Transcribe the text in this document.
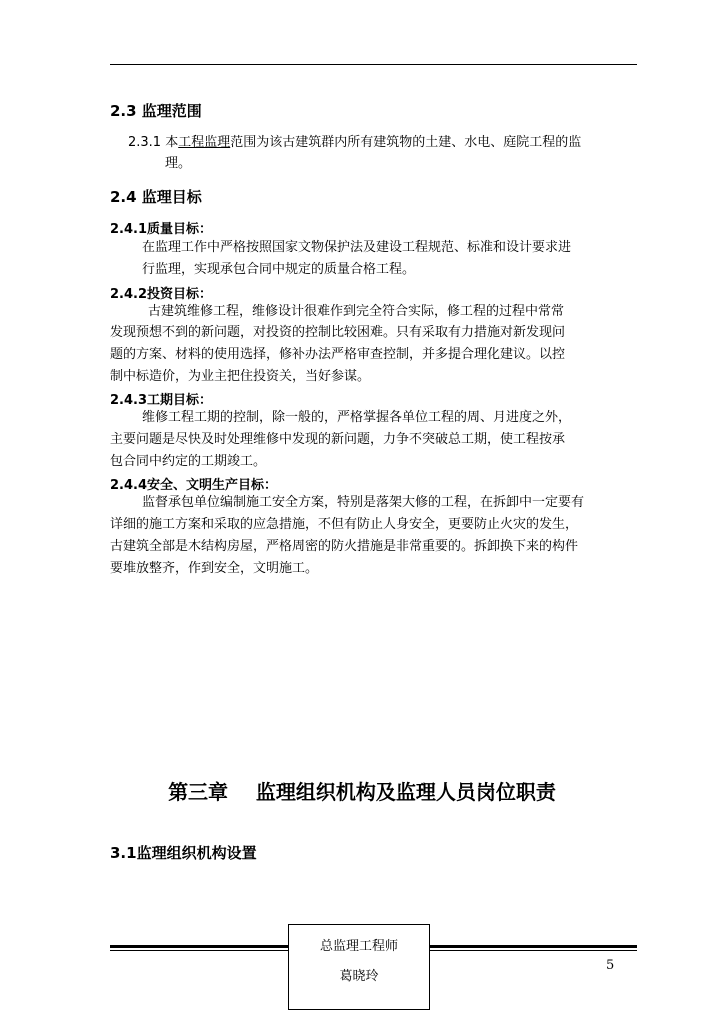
2.3 监理范围
2.3.1 本工程监理范围为该古建筑群内所有建筑物的土建、水电、庭院工程的监
理。
2.4 监理目标
2.4.1质量目标：
在监理工作中严格按照国家文物保护法及建设工程规范、标准和设计要求进
行监理，实现承包合同中规定的质量合格工程。
2.4.2投资目标：
古建筑维修工程，维修设计很难作到完全符合实际，修工程的过程中常常
发现预想不到的新问题，对投资的控制比较困难。只有采取有力措施对新发现问
题的方案、材料的使用选择，修补办法严格审查控制，并多提合理化建议。以控
制中标造价，为业主把住投资关，当好参谋。
2.4.3工期目标：
维修工程工期的控制，除一般的，严格掌握各单位工程的周、月进度之外，
主要问题是尽快及时处理维修中发现的新问题，力争不突破总工期，使工程按承
包合同中约定的工期竣工。
2.4.4安全、文明生产目标：
监督承包单位编制施工安全方案，特别是落架大修的工程，在拆卸中一定要有
详细的施工方案和采取的应急措施，不但有防止人身安全，更要防止火灾的发生，
古建筑全部是木结构房屋，严格周密的防火措施是非常重要的。拆卸换下来的构件
要堆放整齐，作到安全，文明施工。
第三章    监理组织机构及监理人员岗位职责
3.1监理组织机构设置
总监理工程师
葛晓玲
5
